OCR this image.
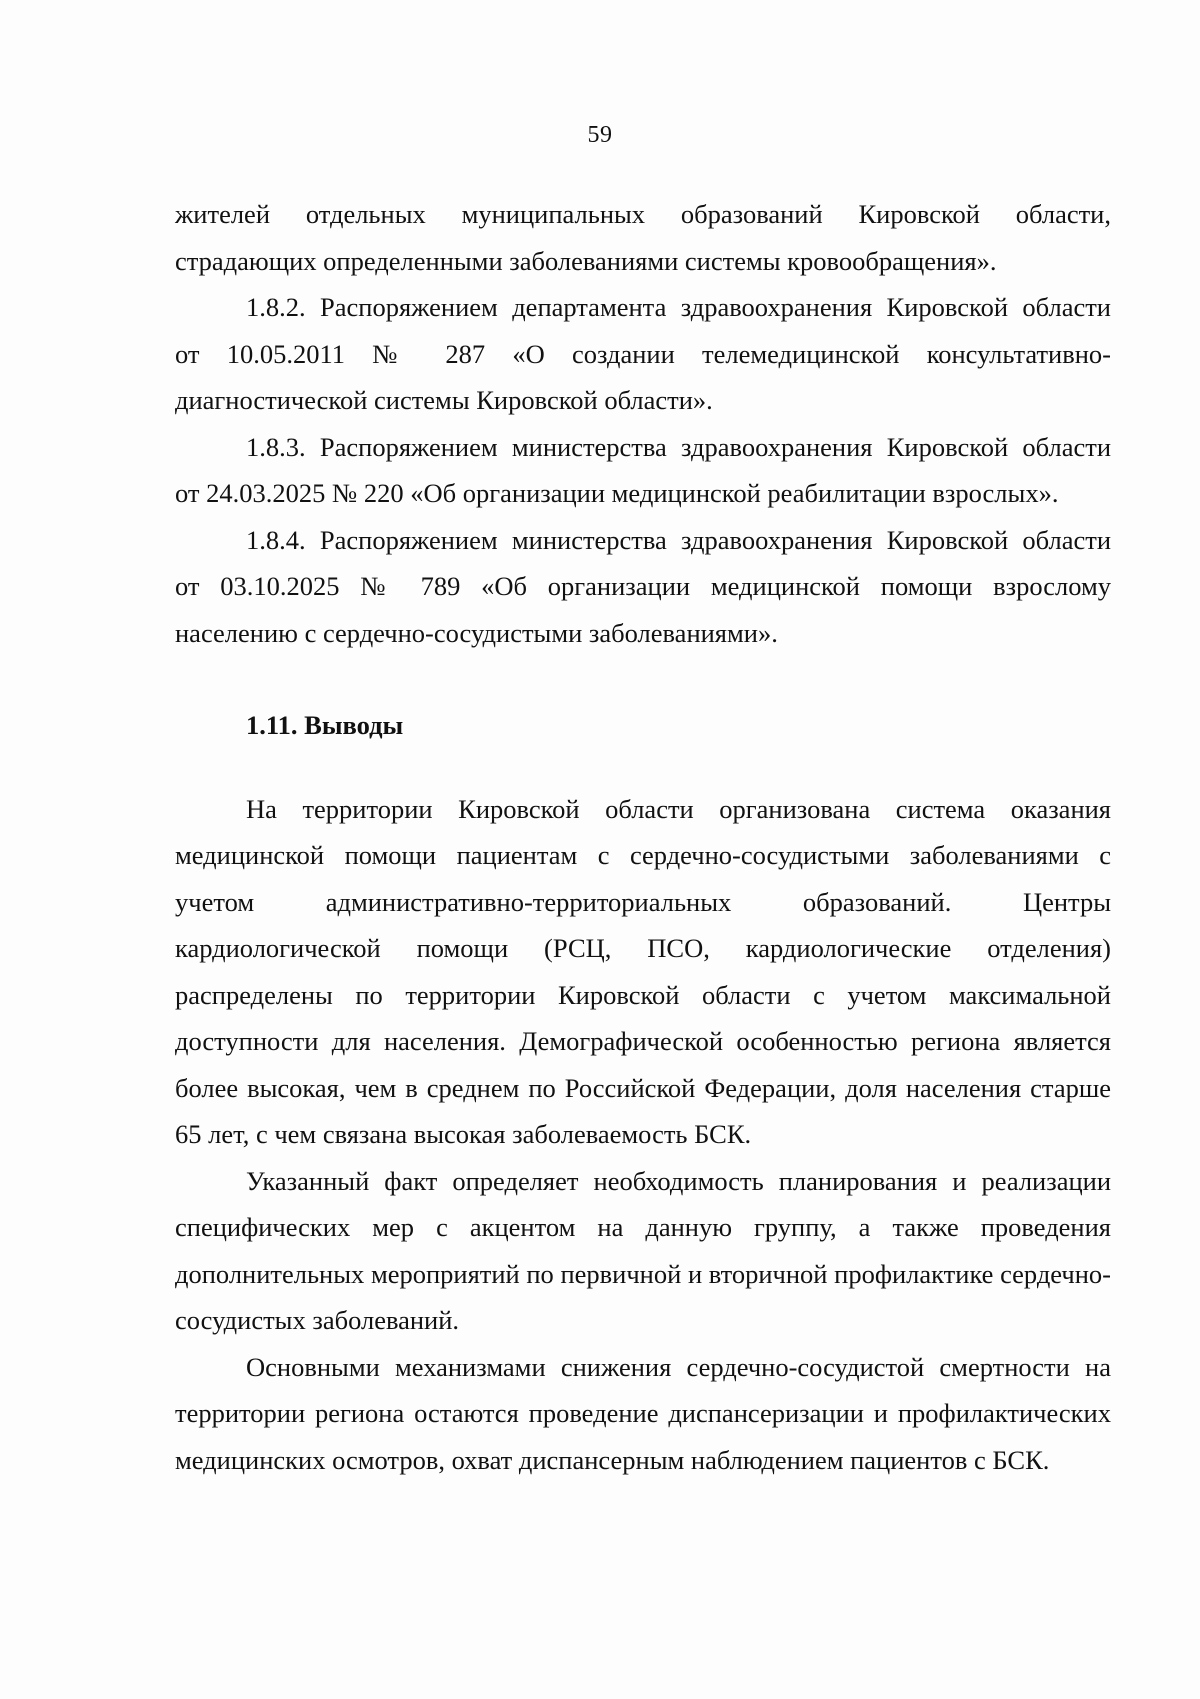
59

жителей отдельных муниципальных образований Кировской области,

страдающих определенными заболеваниями системы кровообращения».

1.8.2. Распоряжением департамента здравоохранения Кировской области

от 10.05.2011 № 287 «О создании телемедицинской консультативно-

диагностической системы Кировской области».

1.8.3. Распоряжением министерства здравоохранения Кировской области

от 24.03.2025 № 220 «Об организации медицинской реабилитации взрослых».

1.8.4. Распоряжением министерства здравоохранения Кировской области

от 03.10.2025 № 789 «Об организации медицинской помощи взрослому

населению с сердечно-сосудистыми заболеваниями».

1.11. Выводы

На территории Кировской области организована система оказания медицинской помощи пациентам с сердечно-сосудистыми заболеваниями с учетом административно-территориальных образований. Центры кардиологической помощи (РСЦ, ПСО, кардиологические отделения) распределены по территории Кировской области с учетом максимальной доступности для населения. Демографической особенностью региона является более высокая, чем в среднем по Российской Федерации, доля населения старше 65 лет, с чем связана высокая заболеваемость БСК.

Указанный факт определяет необходимость планирования и реализации специфических мер с акцентом на данную группу, а также проведения дополнительных мероприятий по первичной и вторичной профилактике сердечно-сосудистых заболеваний.

Основными механизмами снижения сердечно-сосудистой смертности на территории региона остаются проведение диспансеризации и профилактических медицинских осмотров, охват диспансерным наблюдением пациентов с БСК.
